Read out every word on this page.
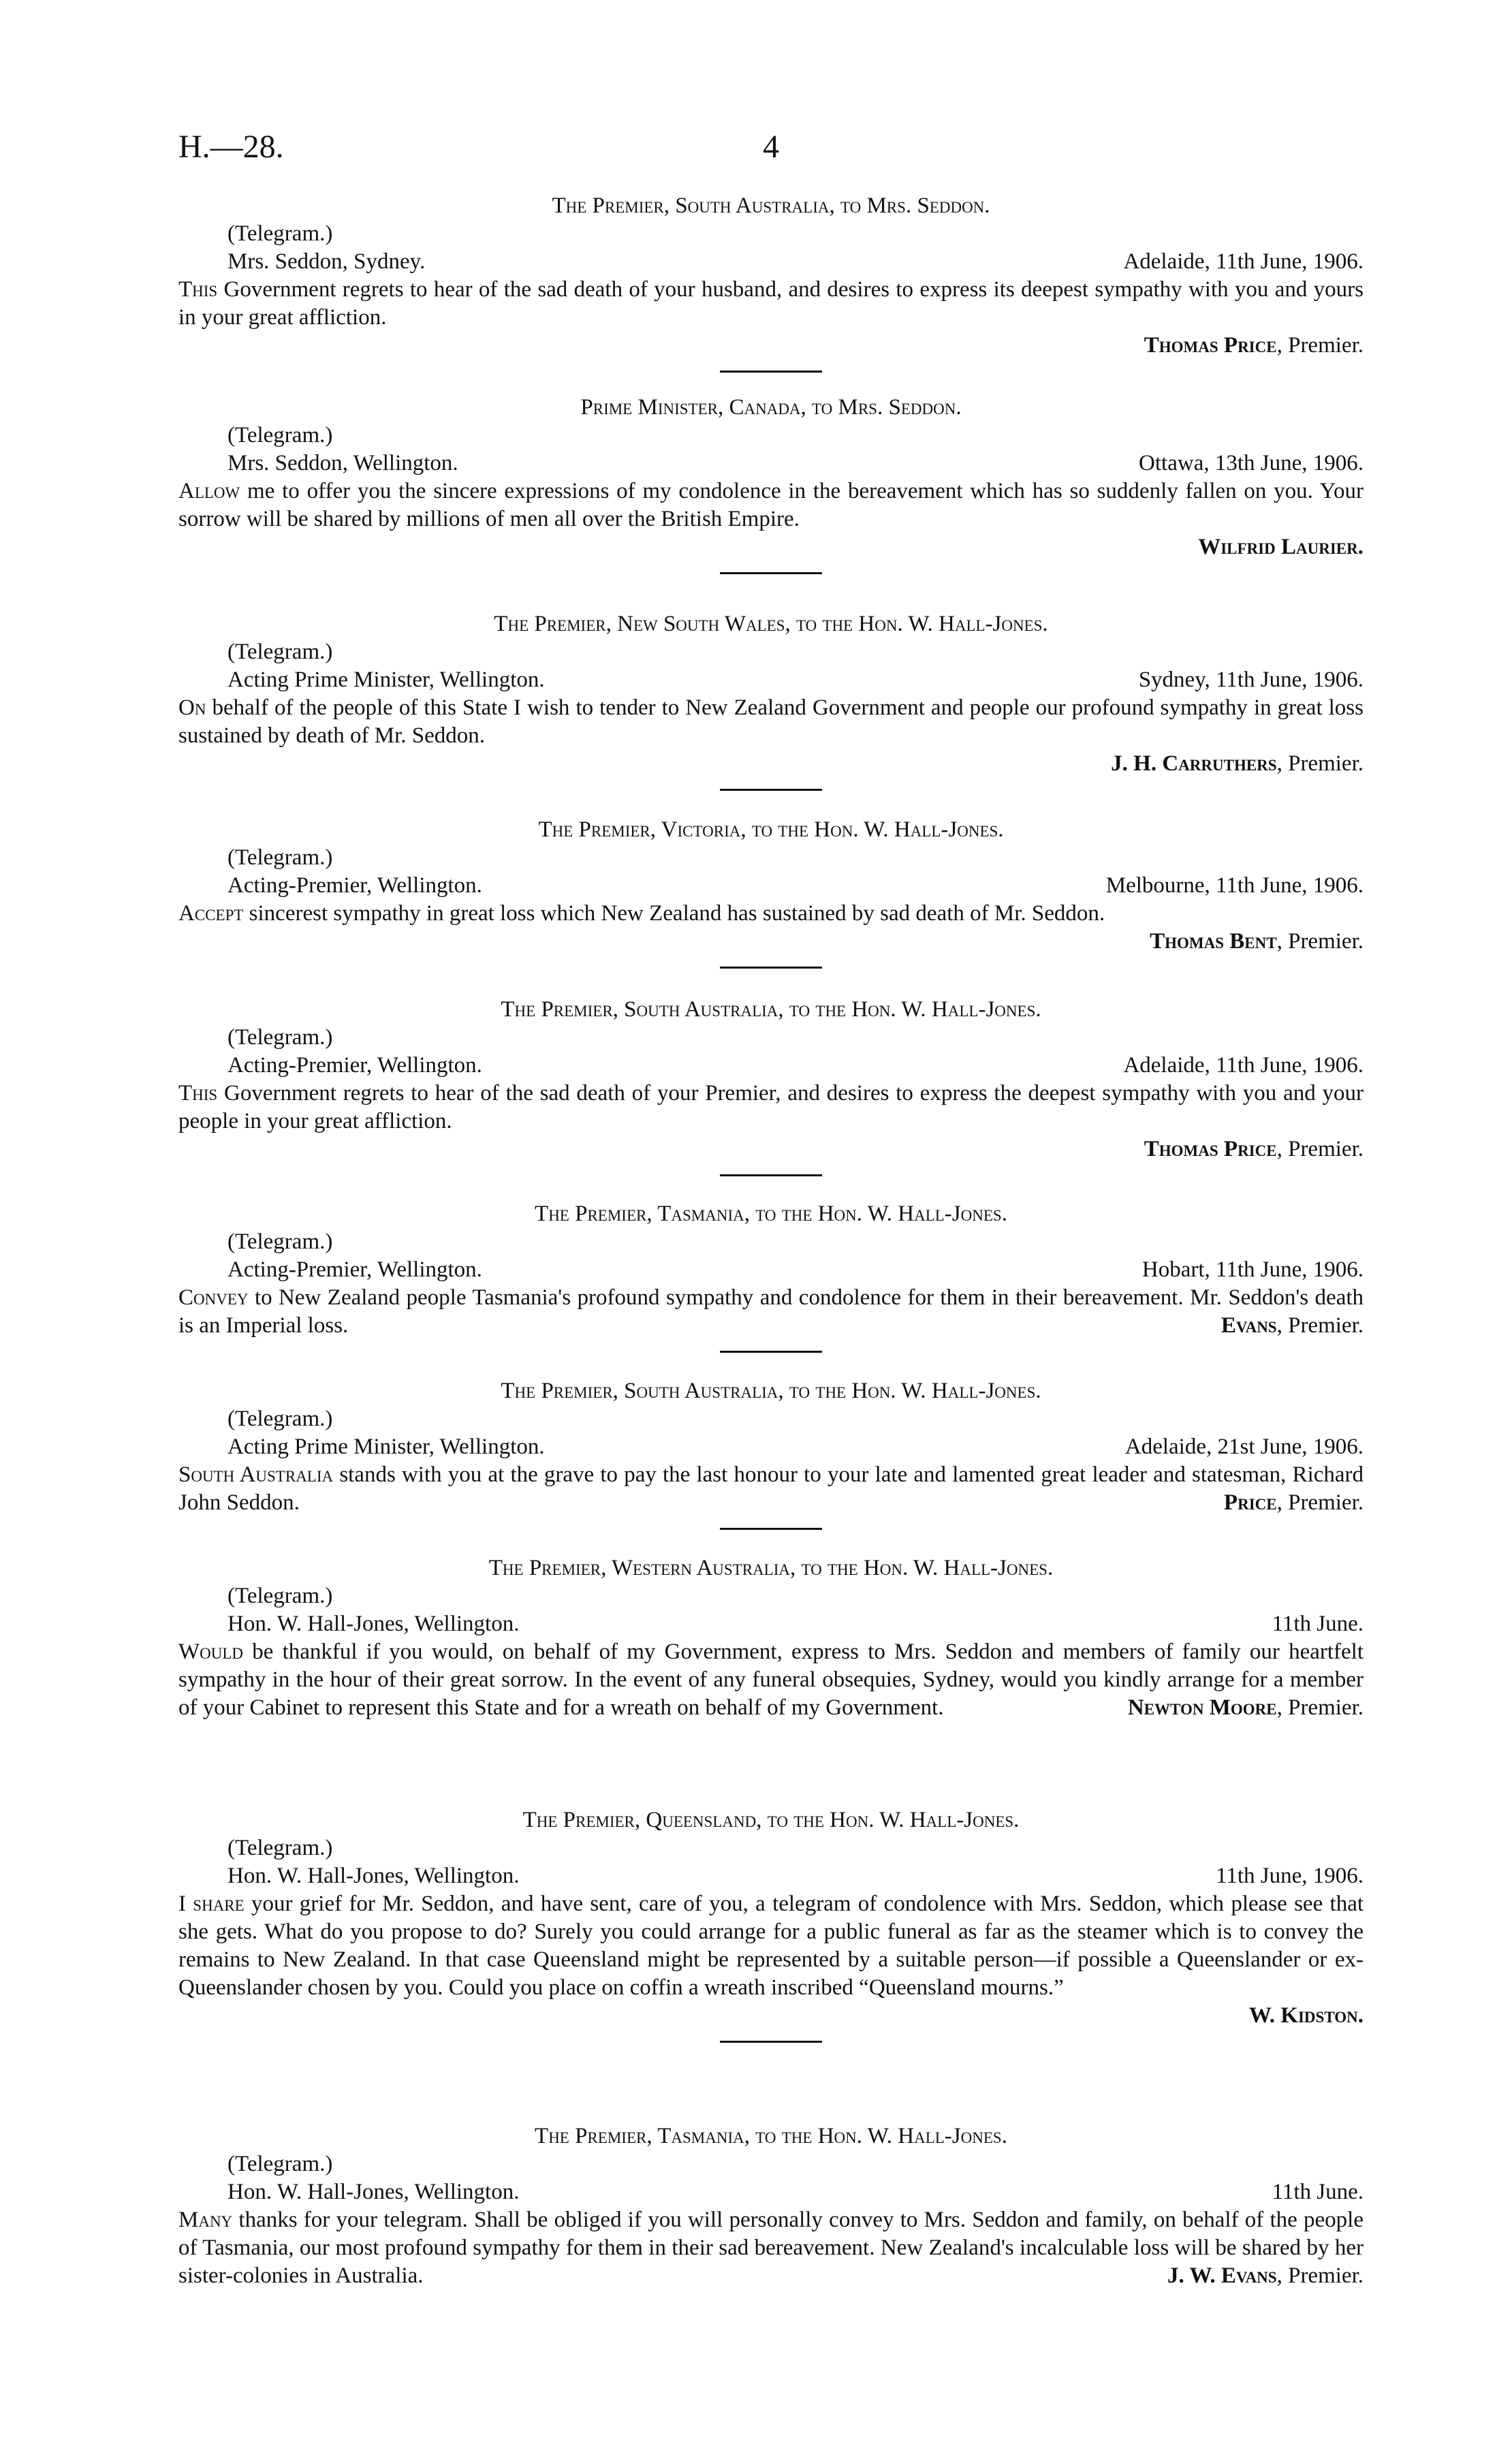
H.—28.	4
The Premier, South Australia, to Mrs. Seddon.
(Telegram.)
Mrs. Seddon, Sydney.	Adelaide, 11th June, 1906.
This Government regrets to hear of the sad death of your husband, and desires to express its deepest sympathy with you and yours in your great affliction.
Thomas Price, Premier.
Prime Minister, Canada, to Mrs. Seddon.
(Telegram.)
Mrs. Seddon, Wellington.	Ottawa, 13th June, 1906.
Allow me to offer you the sincere expressions of my condolence in the bereavement which has so suddenly fallen on you. Your sorrow will be shared by millions of men all over the British Empire.
Wilfrid Laurier.
The Premier, New South Wales, to the Hon. W. Hall-Jones.
(Telegram.)
Acting Prime Minister, Wellington.	Sydney, 11th June, 1906.
On behalf of the people of this State I wish to tender to New Zealand Government and people our profound sympathy in great loss sustained by death of Mr. Seddon.
J. H. Carruthers, Premier.
The Premier, Victoria, to the Hon. W. Hall-Jones.
(Telegram.)
Acting-Premier, Wellington.	Melbourne, 11th June, 1906.
Accept sincerest sympathy in great loss which New Zealand has sustained by sad death of Mr. Seddon.
Thomas Bent, Premier.
The Premier, South Australia, to the Hon. W. Hall-Jones.
(Telegram.)
Acting-Premier, Wellington.	Adelaide, 11th June, 1906.
This Government regrets to hear of the sad death of your Premier, and desires to express the deepest sympathy with you and your people in your great affliction.
Thomas Price, Premier.
The Premier, Tasmania, to the Hon. W. Hall-Jones.
(Telegram.)
Acting-Premier, Wellington.	Hobart, 11th June, 1906.
Convey to New Zealand people Tasmania's profound sympathy and condolence for them in their bereavement. Mr. Seddon's death is an Imperial loss.	Evans, Premier.
The Premier, South Australia, to the Hon. W. Hall-Jones.
(Telegram.)
Acting Prime Minister, Wellington.	Adelaide, 21st June, 1906.
South Australia stands with you at the grave to pay the last honour to your late and lamented great leader and statesman, Richard John Seddon.	Price, Premier.
The Premier, Western Australia, to the Hon. W. Hall-Jones.
(Telegram.)
Hon. W. Hall-Jones, Wellington.	11th June.
Would be thankful if you would, on behalf of my Government, express to Mrs. Seddon and members of family our heartfelt sympathy in the hour of their great sorrow. In the event of any funeral obsequies, Sydney, would you kindly arrange for a member of your Cabinet to represent this State and for a wreath on behalf of my Government.	Newton Moore, Premier.
The Premier, Queensland, to the Hon. W. Hall-Jones.
(Telegram.)
Hon. W. Hall-Jones, Wellington.	11th June, 1906.
I share your grief for Mr. Seddon, and have sent, care of you, a telegram of condolence with Mrs. Seddon, which please see that she gets. What do you propose to do? Surely you could arrange for a public funeral as far as the steamer which is to convey the remains to New Zealand. In that case Queensland might be represented by a suitable person—if possible a Queenslander or ex-Queenslander chosen by you. Could you place on coffin a wreath inscribed “Queensland mourns.”
W. Kidston.
The Premier, Tasmania, to the Hon. W. Hall-Jones.
(Telegram.)
Hon. W. Hall-Jones, Wellington.	11th June.
Many thanks for your telegram. Shall be obliged if you will personally convey to Mrs. Seddon and family, on behalf of the people of Tasmania, our most profound sympathy for them in their sad bereavement. New Zealand's incalculable loss will be shared by her sister-colonies in Australia.	J. W. Evans, Premier.
